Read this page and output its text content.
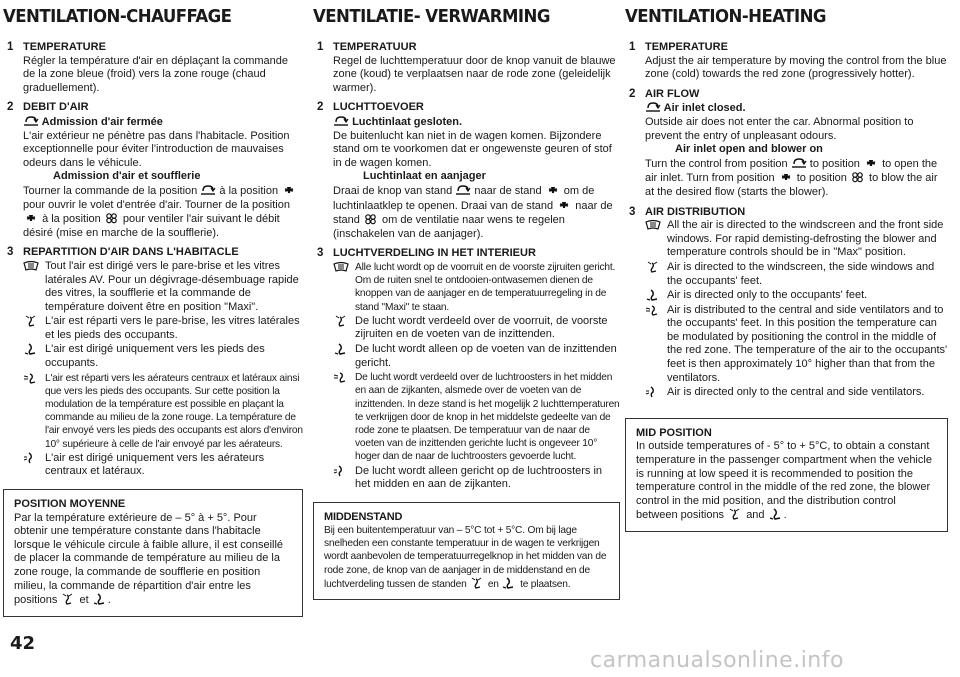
VENTILATION-CHAUFFAGE
1 TEMPERATURE

Régler la température d'air en déplaçant la commande de la zone bleue (froid) vers la zone rouge (chaud graduellement).

2 DEBIT D'AIR
Admission d'air fermée

L'air extérieur ne pénètre pas dans l'habitacle. Position exceptionnelle pour éviter l'introduction de mauvaises odeurs dans le véhicule.

Admission d'air et soufflerie

Tourner la commande de la position à la position  pour ouvrir le volet d'entrée d'air. Tourner de la position  à la position pour ventiler l'air suivant le débit désiré (mise en marche de la soufflerie).

3 REPARTITION D'AIR DANS L'HABITACLE
Tout l'air est dirigé vers le pare-brise et les vitres latérales AV. Pour un dégivrage-désembuage rapide des vitres, la soufflerie et la commande de température doivent être en position "Maxi".
L'air est réparti vers le pare-brise, les vitres latérales et les pieds des occupants.
L'air est dirigé uniquement vers les pieds des occupants.
L'air est réparti vers les aérateurs centraux et latéraux ainsi que vers les pieds des occupants. Sur cette position la modulation de la température est possible en plaçant la commande au milieu de la zone rouge. La température de l'air envoyé vers les pieds des occupants est alors d'environ 10° supérieure à celle de l'air envoyé par les aérateurs.
L'air est dirigé uniquement vers les aérateurs centraux et latéraux.
POSITION MOYENNE

Par la température extérieure de – 5° à + 5°. Pour obtenir une température constante dans l'habitacle lorsque le véhicule circule à faible allure, il est conseillé de placer la commande de température au milieu de la zone rouge, la commande de soufflerie en position milieu, la commande de répartition d'air entre les positions et .

VENTILATIE- VERWARMING
1 TEMPERATUUR

Regel de luchttemperatuur door de knop vanuit de blauwe zone (koud) te verplaatsen naar de rode zone (geleidelijk warmer).

2 LUCHTTOEVOER
Luchtinlaat gesloten.

De buitenlucht kan niet in de wagen komen. Bijzondere stand om te voorkomen dat er ongewenste geuren of stof in de wagen komen.

Luchtinlaat en aanjager

Draai de knop van stand naar de stand om de luchtinlaatklep te openen. Draai van de stand naar de stand om de ventilatie naar wens te regelen (inschakelen van de aanjager).

3 LUCHTVERDELING IN HET INTERIEUR
Alle lucht wordt op de voorruit en de voorste zijruiten gericht. Om de ruiten snel te ontdooien-ontwasemen dienen de knoppen van de aanjager en de temperatuurregeling in de stand "Maxi" te staan.
De lucht wordt verdeeld over de voorruit, de voorste zijruiten en de voeten van de inzittenden.
De lucht wordt alleen op de voeten van de inzittenden gericht.
De lucht wordt verdeeld over de luchtroosters in het midden en aan de zijkanten, alsmede over de voeten van de inzittenden. In deze stand is het mogelijk 2 luchttemperaturen te verkrijgen door de knop in het middelste gedeelte van de rode zone te plaatsen. De temperatuur van de naar de voeten van de inzittenden gerichte lucht is ongeveer 10° hoger dan de naar de luchtroosters gevoerde lucht.
De lucht wordt alleen gericht op de luchtroosters in het midden en aan de zijkanten.
MIDDENSTAND

Bij een buitentemperatuur van – 5°C tot + 5°C. Om bij lage snelheden een constante temperatuur in de wagen te verkrijgen wordt aanbevolen de temperatuurregelknop in het midden van de rode zone, de knop van de aanjager in de middenstand en de luchtverdeling tussen de standen en te plaatsen.

VENTILATION-HEATING
1 TEMPERATURE

Adjust the air temperature by moving the control from the blue zone (cold) towards the red zone (progressively hotter).

2 AIR FLOW
Air inlet closed.

Outside air does not enter the car. Abnormal position to prevent the entry of unpleasant odours.

Air inlet open and blower on

Turn the control from position to position to open the air inlet. Turn from position to position to blow the air at the desired flow (starts the blower).

3 AIR DISTRIBUTION
All the air is directed to the windscreen and the front side windows. For rapid demisting-defrosting the blower and temperature controls should be in "Max" position.
Air is directed to the windscreen, the side windows and the occupants' feet.
Air is directed only to the occupants' feet.
Air is distributed to the central and side ventilators and to the occupants' feet. In this position the temperature can be modulated by positioning the control in the middle of the red zone. The temperature of the air to the occupants' feet is then approximately 10° higher than that from the ventilators.
Air is directed only to the central and side ventilators.
MID POSITION

In outside temperatures of - 5° to + 5°C, to obtain a constant temperature in the passenger compartment when the vehicle is running at low speed it is recommended to position the temperature control in the middle of the red zone, the blower control in the mid position, and the distribution control between positions and .

42
carmanualsonline.info
